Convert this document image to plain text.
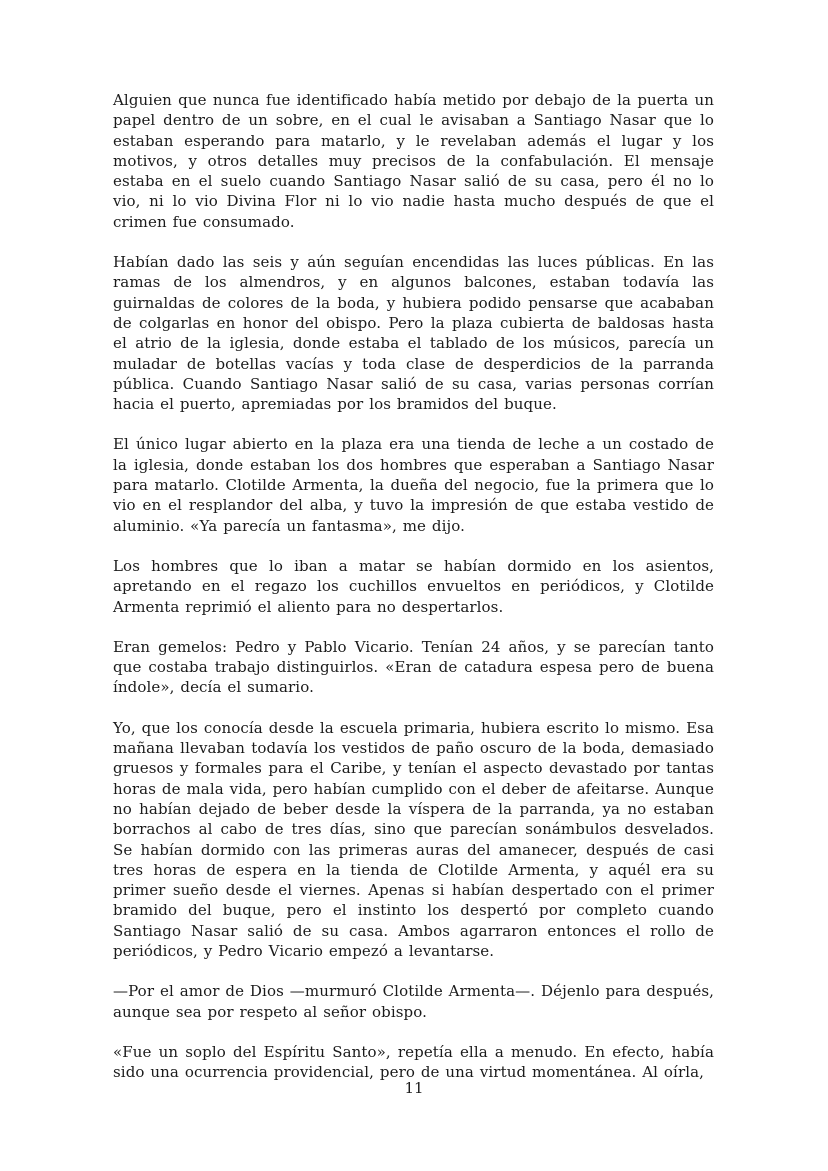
Alguien que nunca fue identificado había metido por debajo de la puerta un papel dentro de un sobre, en el cual le avisaban a Santiago Nasar que lo estaban esperando para matarlo, y le revelaban además el lugar y los motivos, y otros detalles muy precisos de la confabulación. El mensaje estaba en el suelo cuando Santiago Nasar salió de su casa, pero él no lo vio, ni lo vio Divina Flor ni lo vio nadie hasta mucho después de que el crimen fue consumado.

Habían dado las seis y aún seguían encendidas las luces públicas. En las ramas de los almendros, y en algunos balcones, estaban todavía las guirnaldas de colores de la boda, y hubiera podido pensarse que acababan de colgarlas en honor del obispo. Pero la plaza cubierta de baldosas hasta el atrio de la iglesia, donde estaba el tablado de los músicos, parecía un muladar de botellas vacías y toda clase de desperdicios de la parranda pública. Cuando Santiago Nasar salió de su casa, varias personas corrían hacia el puerto, apremiadas por los bramidos del buque.

El único lugar abierto en la plaza era una tienda de leche a un costado de la iglesia, donde estaban los dos hombres que esperaban a Santiago Nasar para matarlo. Clotilde Armenta, la dueña del negocio, fue la primera que lo vio en el resplandor del alba, y tuvo la impresión de que estaba vestido de aluminio. «Ya parecía un fantasma», me dijo.

Los hombres que lo iban a matar se habían dormido en los asientos, apretando en el regazo los cuchillos envueltos en periódicos, y Clotilde Armenta reprimió el aliento para no despertarlos.

Eran gemelos: Pedro y Pablo Vicario. Tenían 24 años, y se parecían tanto que costaba trabajo distinguirlos. «Eran de catadura espesa pero de buena índole», decía el sumario.

Yo, que los conocía desde la escuela primaria, hubiera escrito lo mismo. Esa mañana llevaban todavía los vestidos de paño oscuro de la boda, demasiado gruesos y formales para el Caribe, y tenían el aspecto devastado por tantas horas de mala vida, pero habían cumplido con el deber de afeitarse. Aunque no habían dejado de beber desde la víspera de la parranda, ya no estaban borrachos al cabo de tres días, sino que parecían sonámbulos desvelados. Se habían dormido con las primeras auras del amanecer, después de casi tres horas de espera en la tienda de Clotilde Armenta, y aquél era su primer sueño desde el viernes. Apenas si habían despertado con el primer bramido del buque, pero el instinto los despertó por completo cuando Santiago Nasar salió de su casa. Ambos agarraron entonces el rollo de periódicos, y Pedro Vicario empezó a levantarse.

—Por el amor de Dios —murmuró Clotilde Armenta—. Déjenlo para después, aunque sea por respeto al señor obispo.

«Fue un soplo del Espíritu Santo», repetía ella a menudo. En efecto, había sido una ocurrencia providencial, pero de una virtud momentánea. Al oírla,

11
